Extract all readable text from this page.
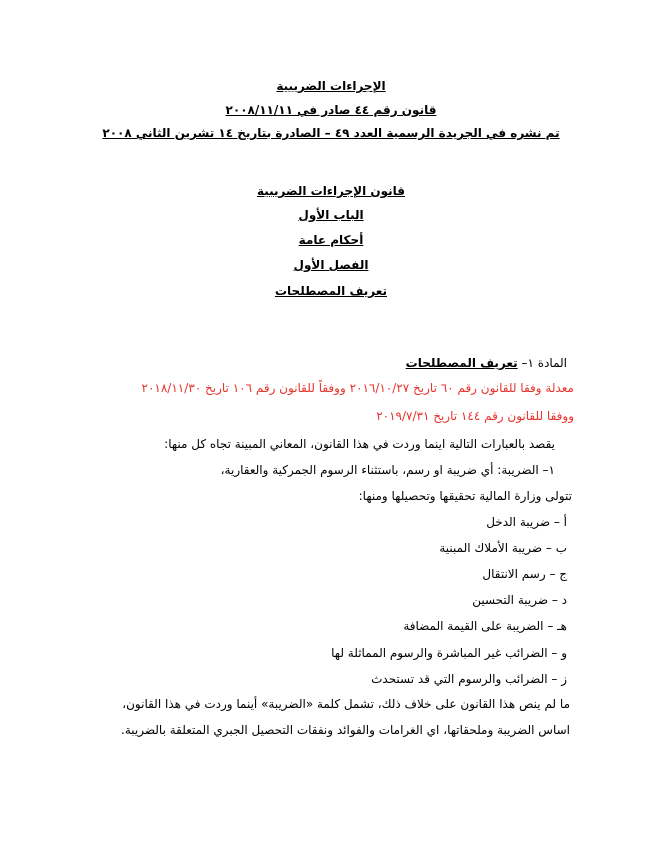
الإجراءات الضريبية
قانون رقم ٤٤ صادر في ٢٠٠٨/١١/١١
تم نشره في الجريدة الرسمية العدد ٤٩ – الصادرة بتاريخ ١٤ تشرين الثاني ٢٠٠٨
قانون الإجراءات الضريبية
الباب الأول
أحكام عامة
الفصل الأول
تعريف المصطلحات
المادة ١– تعريف المصطلحات
معدلة وفقا للقانون رقم ٦٠ تاريخ ٢٠١٦/١٠/٢٧ ووفقاً للقانون رقم ١٠٦ تاريخ ٢٠١٨/١١/٣٠
ووفقا للقانون رقم ١٤٤ تاريخ ٢٠١٩/٧/٣١
يقصد بالعبارات التالية اينما وردت في هذا القانون، المعاني المبينة تجاه كل منها:
١– الضريبة: أي ضريبة او رسم، باستثناء الرسوم الجمركية والعقارية،
تتولى وزارة المالية تحقيقها وتحصيلها ومنها:
أ – ضريبة الدخل
ب – ضريبة الأملاك المبنية
ج – رسم الانتقال
د – ضريبة التحسين
هـ – الضريبة على القيمة المضافة
و – الضرائب غير المباشرة والرسوم المماثلة لها
ز – الضرائب والرسوم التي قد تستحدث
ما لم ينص هذا القانون على خلاف ذلك، تشمل كلمة «الضريبة» أينما وردت في هذا القانون،
اساس الضريبة وملحقاتها، اي الغرامات والفوائد ونفقات التحصيل الجبري المتعلقة بالضريبة.
